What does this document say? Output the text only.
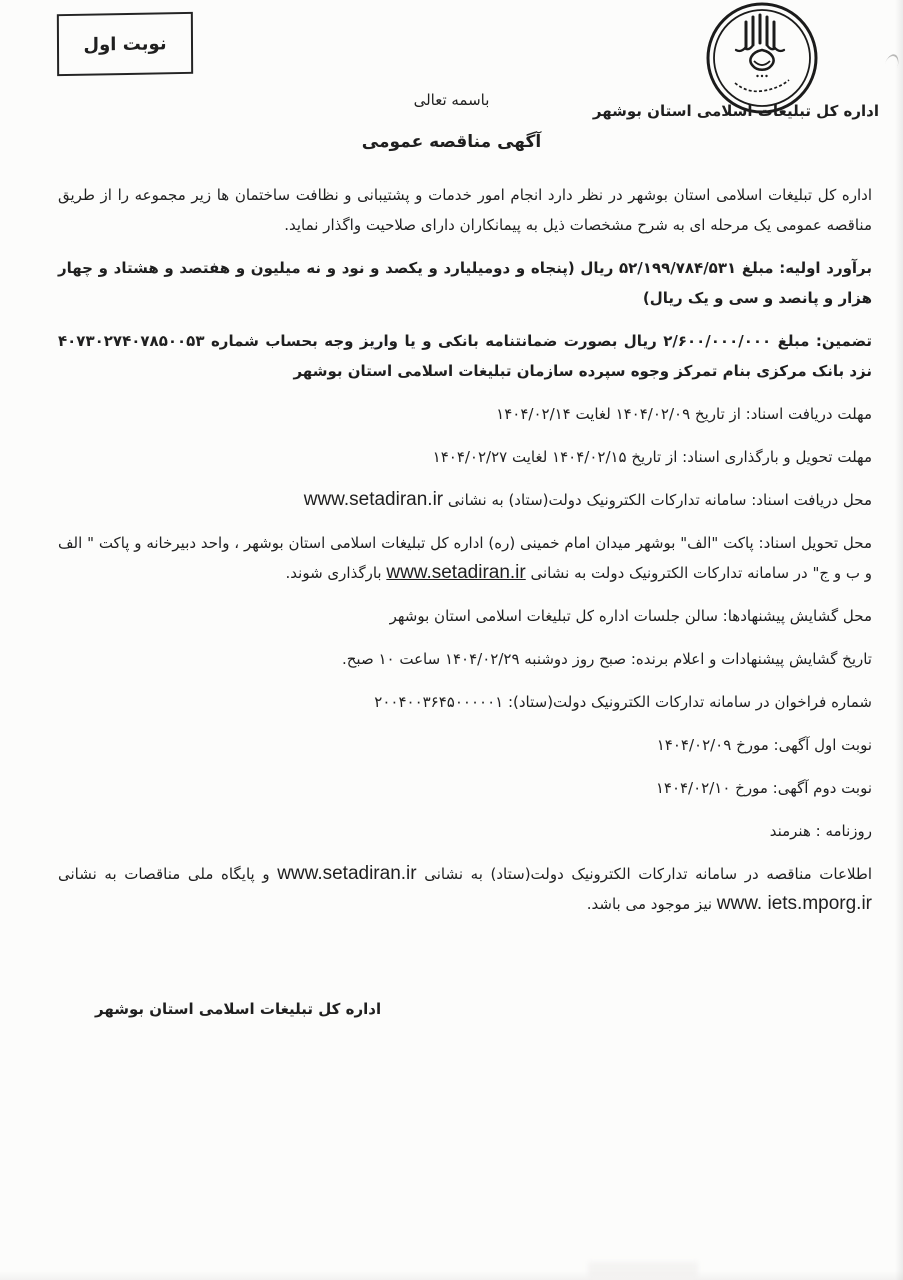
نوبت اول
اداره کل تبلیغات اسلامی استان بوشهر
باسمه تعالی
آگهی مناقصه عمومی

اداره کل تبلیغات اسلامی استان بوشهر در نظر دارد انجام امور خدمات و پشتیبانی و نظافت ساختمان ها زیر مجموعه را از طریق مناقصه عمومی یک مرحله ای به شرح مشخصات ذیل به پیمانکاران دارای صلاحیت واگذار نماید.

برآورد اولیه: مبلغ ۵۲/۱۹۹/۷۸۴/۵۳۱ ریال (پنجاه و دومیلیارد و یکصد و نود و نه میلیون و هفتصد و هشتاد و چهار هزار و پانصد و سی و یک ریال)

تضمین: مبلغ ۲/۶۰۰/۰۰۰/۰۰۰ ریال بصورت ضمانتنامه بانکی و یا واریز وجه بحساب شماره ۴۰۷۳۰۲۷۴۰۷۸۵۰۰۵۳ نزد بانک مرکزی بنام تمرکز وجوه سپرده سازمان تبلیغات اسلامی استان بوشهر

مهلت دریافت اسناد: از تاریخ ۱۴۰۴/۰۲/۰۹ لغایت ۱۴۰۴/۰۲/۱۴

مهلت تحویل و بارگذاری اسناد: از تاریخ ۱۴۰۴/۰۲/۱۵ لغایت ۱۴۰۴/۰۲/۲۷

محل دریافت اسناد: سامانه تدارکات الکترونیک دولت(ستاد) به نشانی www.setadiran.ir

محل تحویل اسناد: پاکت "الف" بوشهر میدان امام خمینی (ره) اداره کل تبلیغات اسلامی استان بوشهر ، واحد دبیرخانه و پاکت " الف و ب و ج" در سامانه تدارکات الکترونیک دولت به نشانی www.setadiran.ir بارگذاری شوند.

محل گشایش پیشنهادها: سالن جلسات اداره کل تبلیغات اسلامی استان بوشهر

تاریخ گشایش پیشنهادات و اعلام برنده: صبح روز دوشنبه ۱۴۰۴/۰۲/۲۹ ساعت ۱۰ صبح.

شماره فراخوان در سامانه تدارکات الکترونیک دولت(ستاد): ۲۰۰۴۰۰۳۶۴۵۰۰۰۰۰۱

نوبت اول آگهی: مورخ ۱۴۰۴/۰۲/۰۹

نوبت دوم آگهی: مورخ ۱۴۰۴/۰۲/۱۰

روزنامه : هنرمند

اطلاعات مناقصه در سامانه تدارکات الکترونیک دولت(ستاد) به نشانی www.setadiran.ir و پایگاه ملی مناقصات به نشانی www. iets.mporg.ir نیز موجود می باشد.

اداره کل تبلیغات اسلامی استان بوشهر
